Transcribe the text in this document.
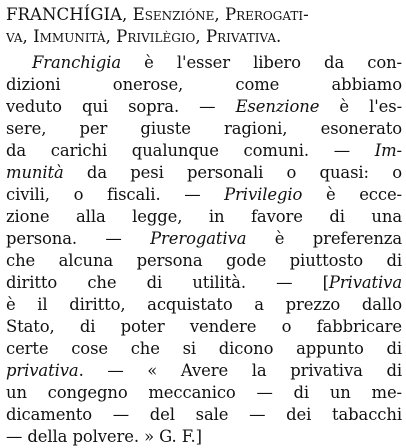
FRANCHÍGIA, Esenzióne, Prerogati-
va, Immunità, Privilègio, Privativa.
Franchigia è l'esser libero da con-
dizioni onerose, come abbiamo
veduto qui sopra. — Esenzione è l'es-
sere, per giuste ragioni, esonerato
da carichi qualunque comuni. — Im-
munità da pesi personali o quasi: o
civili, o fiscali. — Privilegio è ecce-
zione alla legge, in favore di una
persona. — Prerogativa è preferenza
che alcuna persona gode piuttosto di
diritto che di utilità. — [Privativa
è il diritto, acquistato a prezzo dallo
Stato, di poter vendere o fabbricare
certe cose che si dicono appunto di
privativa. — « Avere la privativa di
un congegno meccanico — di un me-
dicamento — del sale — dei tabacchi
— della polvere. » G. F.]
